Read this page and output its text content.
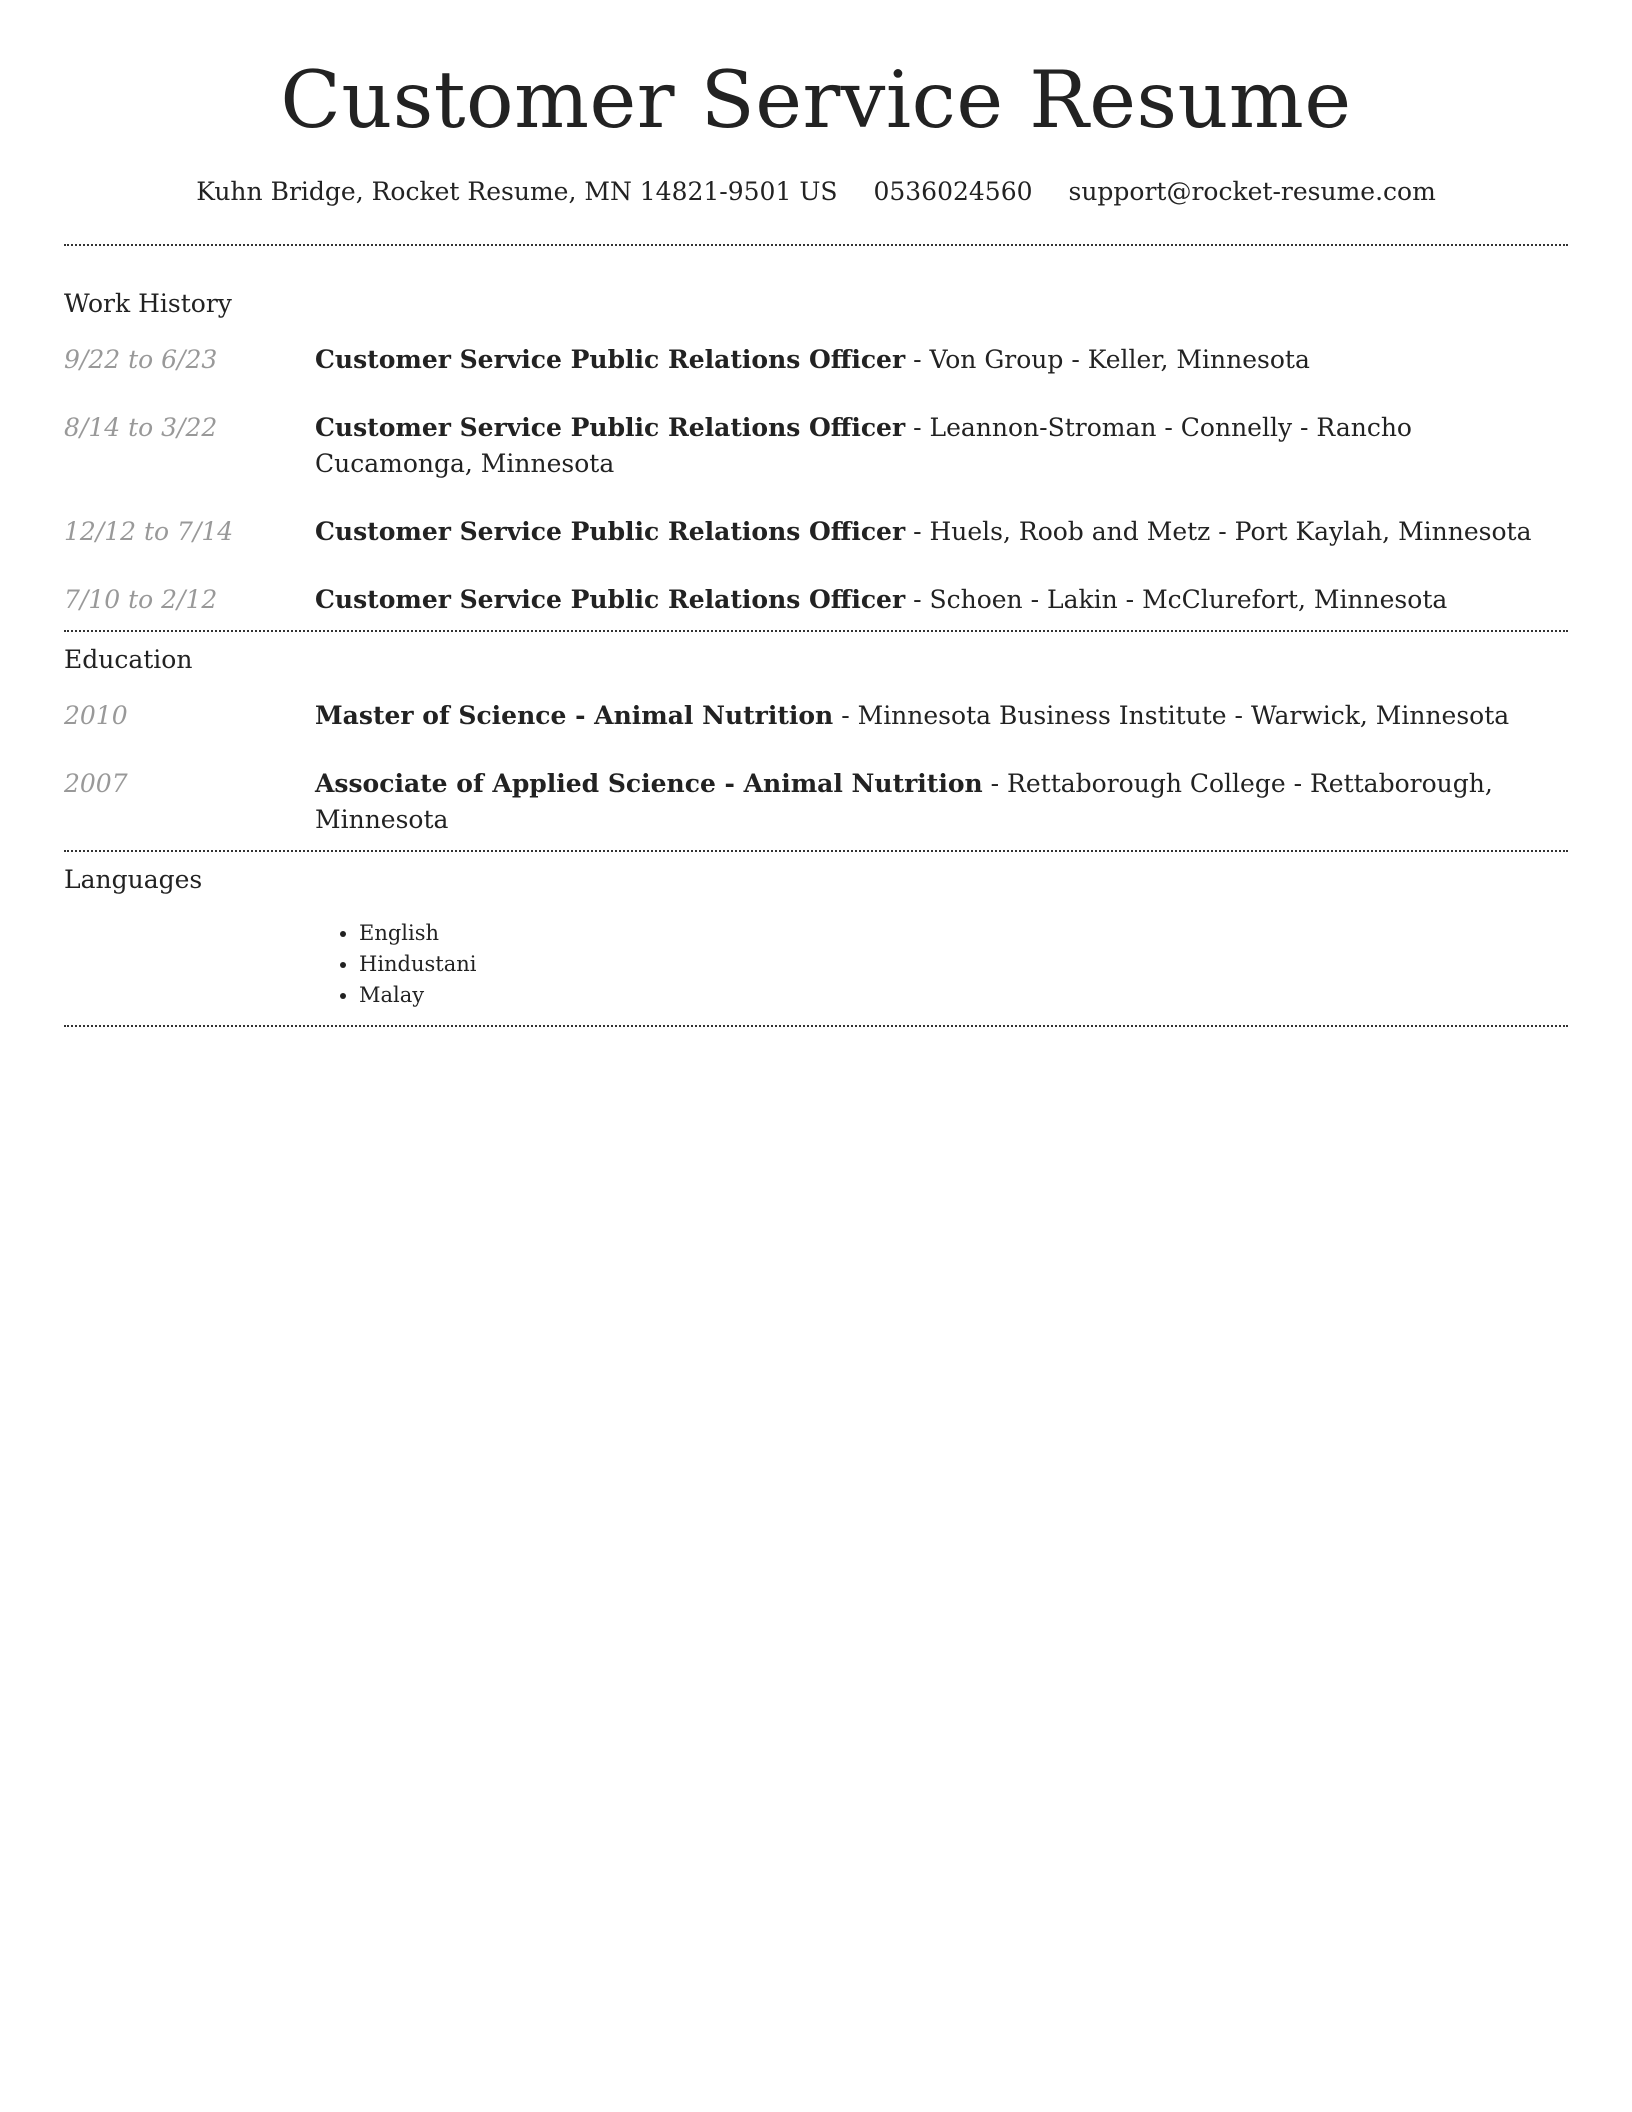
Customer Service Resume
Kuhn Bridge, Rocket Resume, MN 14821-9501 US 0536024560 support@rocket-resume.com
Work History
9/22 to 6/23	Customer Service Public Relations Officer - Von Group - Keller, Minnesota
8/14 to 3/22	Customer Service Public Relations Officer - Leannon-Stroman - Connelly - Rancho Cucamonga, Minnesota
12/12 to 7/14	Customer Service Public Relations Officer - Huels, Roob and Metz - Port Kaylah, Minnesota
7/10 to 2/12	Customer Service Public Relations Officer - Schoen - Lakin - McClurefort, Minnesota
Education
2010	Master of Science - Animal Nutrition - Minnesota Business Institute - Warwick, Minnesota
2007	Associate of Applied Science - Animal Nutrition - Rettaborough College - Rettaborough, Minnesota
Languages
• English
• Hindustani
• Malay
